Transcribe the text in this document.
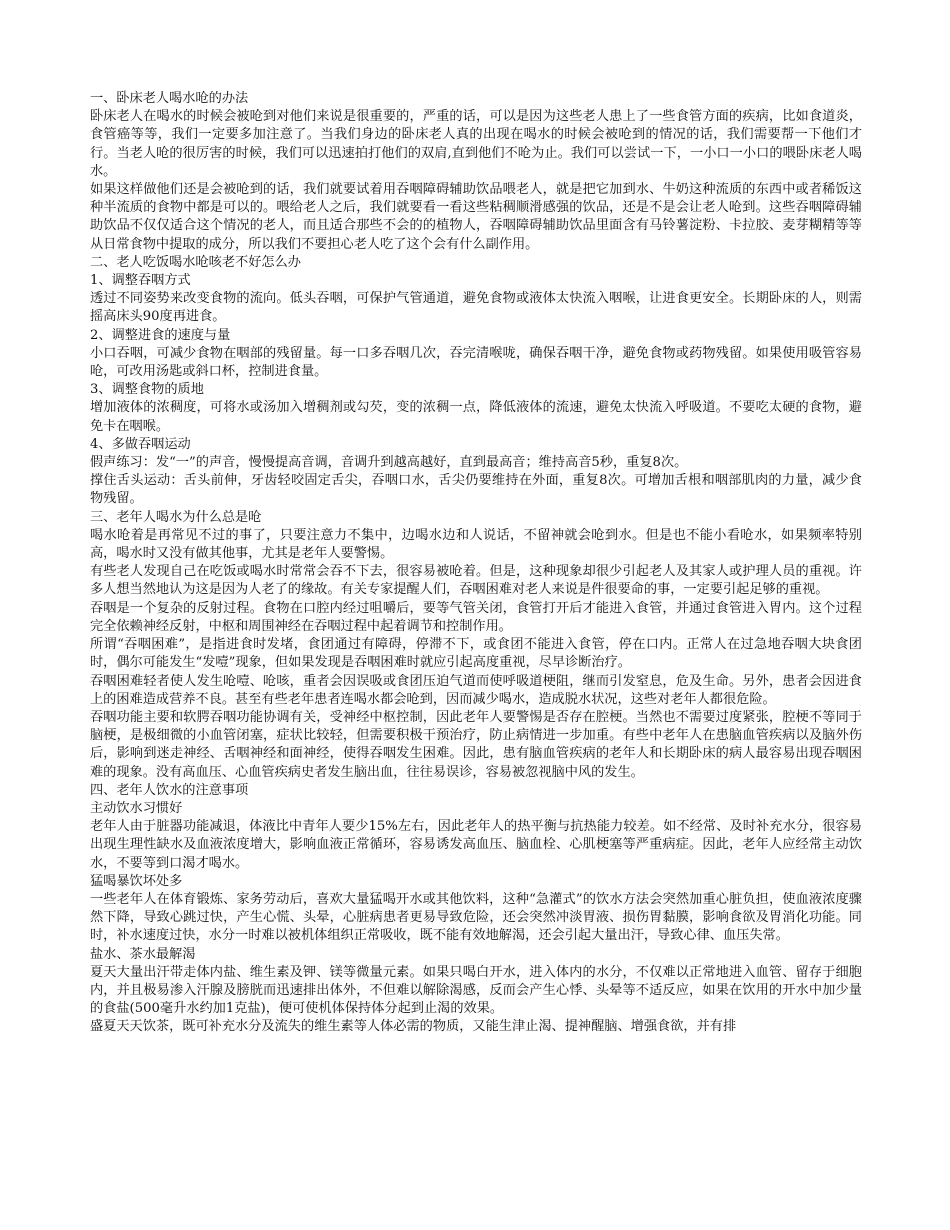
一、卧床老人喝水呛的办法

卧床老人在喝水的时候会被呛到对他们来说是很重要的，严重的话，可以是因为这些老人患上了一些食管方面的疾病，比如食道炎，食管癌等等，我们一定要多加注意了。当我们身边的卧床老人真的出现在喝水的时候会被呛到的情况的话，我们需要帮一下他们才行。当老人呛的很厉害的时候，我们可以迅速拍打他们的双肩,直到他们不呛为止。我们可以尝试一下，一小口一小口的喂卧床老人喝水。

如果这样做他们还是会被呛到的话，我们就要试着用吞咽障碍辅助饮品喂老人，就是把它加到水、牛奶这种流质的东西中或者稀饭这种半流质的食物中都是可以的。喂给老人之后，我们就要看一看这些粘稠顺滑感强的饮品，还是不是会让老人呛到。这些吞咽障碍辅助饮品不仅仅适合这个情况的老人，而且适合那些不会的的植物人，吞咽障碍辅助饮品里面含有马铃薯淀粉、卡拉胶、麦芽糊精等等从日常食物中提取的成分，所以我们不要担心老人吃了这个会有什么副作用。

二、老人吃饭喝水呛咳老不好怎么办

1、调整吞咽方式

透过不同姿势来改变食物的流向。低头吞咽，可保护气管通道，避免食物或液体太快流入咽喉，让进食更安全。长期卧床的人，则需摇高床头90度再进食。

2、调整进食的速度与量

小口吞咽，可减少食物在咽部的残留量。每一口多吞咽几次，吞完清喉咙，确保吞咽干净，避免食物或药物残留。如果使用吸管容易呛，可改用汤匙或斜口杯，控制进食量。

3、调整食物的质地

增加液体的浓稠度，可将水或汤加入增稠剂或勾芡，变的浓稠一点，降低液体的流速，避免太快流入呼吸道。不要吃太硬的食物，避免卡在咽喉。

4、多做吞咽运动

假声练习：发“一”的声音，慢慢提高音调，音调升到越高越好，直到最高音；维持高音5秒，重复8次。

撑住舌头运动：舌头前伸，牙齿轻咬固定舌尖，吞咽口水，舌尖仍要维持在外面，重复8次。可增加舌根和咽部肌肉的力量，减少食物残留。

三、老年人喝水为什么总是呛

喝水呛着是再常见不过的事了，只要注意力不集中，边喝水边和人说话，不留神就会呛到水。但是也不能小看呛水，如果频率特别高，喝水时又没有做其他事，尤其是老年人要警惕。

有些老人发现自己在吃饭或喝水时常常会吞不下去，很容易被呛着。但是，这种现象却很少引起老人及其家人或护理人员的重视。许多人想当然地认为这是因为人老了的缘故。有关专家提醒人们，吞咽困难对老人来说是件很要命的事，一定要引起足够的重视。

吞咽是一个复杂的反射过程。食物在口腔内经过咀嚼后，要等气管关闭，食管打开后才能进入食管，并通过食管进入胃内。这个过程完全依赖神经反射，中枢和周围神经在吞咽过程中起着调节和控制作用。

所谓“吞咽困难”，是指进食时发堵，食团通过有障碍，停滞不下，或食团不能进入食管，停在口内。正常人在过急地吞咽大块食团时，偶尔可能发生“发噎”现象，但如果发现是吞咽困难时就应引起高度重视，尽早诊断治疗。

吞咽困难轻者使人发生呛噎、呛咳，重者会因误吸或食团压迫气道而使呼吸道梗阻，继而引发窒息，危及生命。另外，患者会因进食上的困难造成营养不良。甚至有些老年患者连喝水都会呛到，因而减少喝水，造成脱水状况，这些对老年人都很危险。

吞咽功能主要和软腭吞咽功能协调有关，受神经中枢控制，因此老年人要警惕是否存在腔梗。当然也不需要过度紧张，腔梗不等同于脑梗，是极细微的小血管闭塞，症状比较轻，但需要积极干预治疗，防止病情进一步加重。有些中老年人在患脑血管疾病以及脑外伤后，影响到迷走神经、舌咽神经和面神经，使得吞咽发生困难。因此，患有脑血管疾病的老年人和长期卧床的病人最容易出现吞咽困难的现象。没有高血压、心血管疾病史者发生脑出血，往往易误诊，容易被忽视脑中风的发生。

四、老年人饮水的注意事项

主动饮水习惯好

老年人由于脏器功能减退，体液比中青年人要少15%左右，因此老年人的热平衡与抗热能力较差。如不经常、及时补充水分，很容易出现生理性缺水及血液浓度增大，影响血液正常循环，容易诱发高血压、脑血栓、心肌梗塞等严重病症。因此，老年人应经常主动饮水，不要等到口渴才喝水。

猛喝暴饮坏处多

一些老年人在体育锻炼、家务劳动后，喜欢大量猛喝开水或其他饮料，这种“急灌式”的饮水方法会突然加重心脏负担，使血液浓度骤然下降，导致心跳过快，产生心慌、头晕，心脏病患者更易导致危险，还会突然冲淡胃液、损伤胃黏膜，影响食欲及胃消化功能。同时，补水速度过快，水分一时难以被机体组织正常吸收，既不能有效地解渴，还会引起大量出汗，导致心律、血压失常。

盐水、茶水最解渴

夏天大量出汗带走体内盐、维生素及钾、镁等微量元素。如果只喝白开水，进入体内的水分，不仅难以正常地进入血管、留存于细胞内，并且极易渗入汗腺及膀胱而迅速排出体外，不但难以解除渴感，反而会产生心悸、头晕等不适反应，如果在饮用的开水中加少量的食盐(500毫升水约加1克盐)，便可使机体保持体分起到止渴的效果。

盛夏天天饮茶，既可补充水分及流失的维生素等人体必需的物质，又能生津止渴、提神醒脑、增强食欲，并有排
